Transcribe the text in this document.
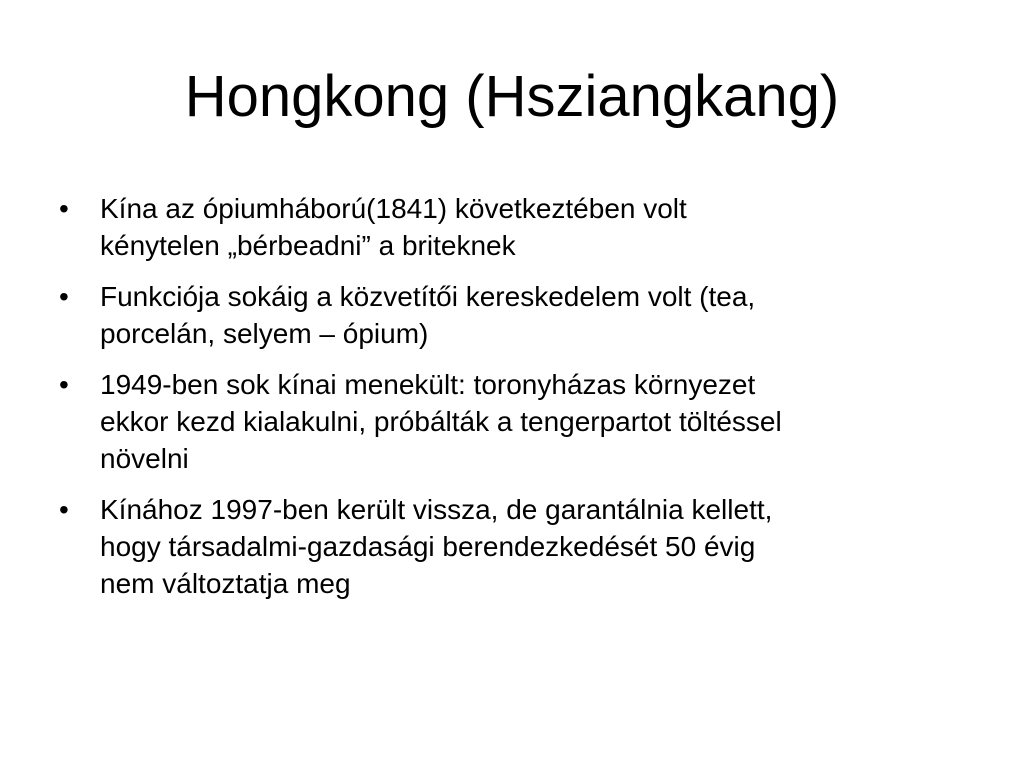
Hongkong (Hsziangkang)
• Kína az ópiumháború(1841) következtében volt
kénytelen „bérbeadni” a briteknek
• Funkciója sokáig a közvetítői kereskedelem volt (tea,
porcelán, selyem – ópium)
• 1949-ben sok kínai menekült: toronyházas környezet
ekkor kezd kialakulni, próbálták a tengerpartot töltéssel
növelni
• Kínához 1997-ben került vissza, de garantálnia kellett,
hogy társadalmi-gazdasági berendezkedését 50 évig
nem változtatja meg
